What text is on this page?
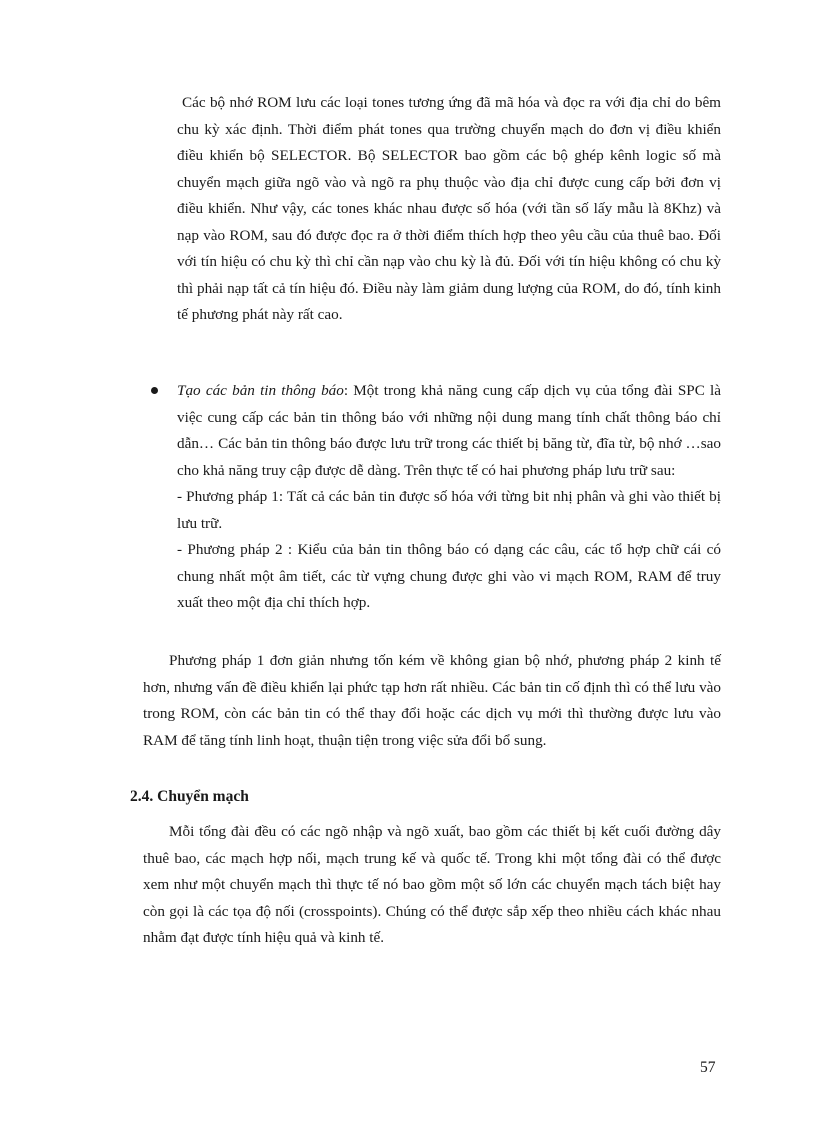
Các bộ nhớ ROM lưu các loại tones tương ứng đã mã hóa và đọc ra với địa chỉ do bêm chu kỳ xác định. Thời điểm phát tones qua trường chuyển mạch do đơn vị điều khiển điều khiển bộ SELECTOR. Bộ SELECTOR bao gồm các bộ ghép kênh logic số mà chuyển mạch giữa ngõ vào và ngõ ra phụ thuộc vào địa chỉ được cung cấp bởi đơn vị điều khiển. Như vậy, các tones khác nhau được số hóa (với tần số lấy mẫu là 8Khz) và nạp vào ROM, sau đó được đọc ra ở thời điểm thích hợp theo yêu cầu của thuê bao. Đối với tín hiệu có chu kỳ thì chỉ cần nạp vào chu kỳ là đủ. Đối với tín hiệu không có chu kỳ thì phải nạp tất cả tín hiệu đó. Điều này làm giảm dung lượng của ROM, do đó, tính kinh tế phương phát này rất cao.

Tạo các bản tin thông báo: Một trong khả năng cung cấp dịch vụ của tổng đài SPC là việc cung cấp các bản tin thông báo với những nội dung mang tính chất thông báo chỉ dẫn… Các bản tin thông báo được lưu trữ trong các thiết bị băng từ, đĩa từ, bộ nhớ …sao cho khả năng truy cập được dễ dàng. Trên thực tế có hai phương pháp lưu trữ sau:
- Phương pháp 1: Tất cả các bản tin được số hóa với từng bit nhị phân và ghi vào thiết bị lưu trữ.
- Phương pháp 2 : Kiểu của bản tin thông báo có dạng các câu, các tổ hợp chữ cái có chung nhất một âm tiết, các từ vựng chung được ghi vào vi mạch ROM, RAM để truy xuất theo một địa chỉ thích hợp.

Phương pháp 1 đơn giản nhưng tốn kém về không gian bộ nhớ, phương pháp 2 kinh tế hơn, nhưng vấn đề điều khiển lại phức tạp hơn rất nhiều. Các bản tin cố định thì có thể lưu vào trong ROM, còn các bản tin có thể thay đổi hoặc các dịch vụ mới thì thường được lưu vào RAM để tăng tính linh hoạt, thuận tiện trong việc sửa đổi bổ sung.

2.4. Chuyển mạch

Mỗi tổng đài đều có các ngõ nhập và ngõ xuất, bao gồm các thiết bị kết cuối đường dây thuê bao, các mạch hợp nối, mạch trung kế và quốc tế. Trong khi một tổng đài có thể được xem như một chuyển mạch thì thực tế nó bao gồm một số lớn các chuyển mạch tách biệt hay còn gọi là các tọa độ nối (crosspoints). Chúng có thể được sắp xếp theo nhiều cách khác nhau nhằm đạt được tính hiệu quả và kinh tế.

57
